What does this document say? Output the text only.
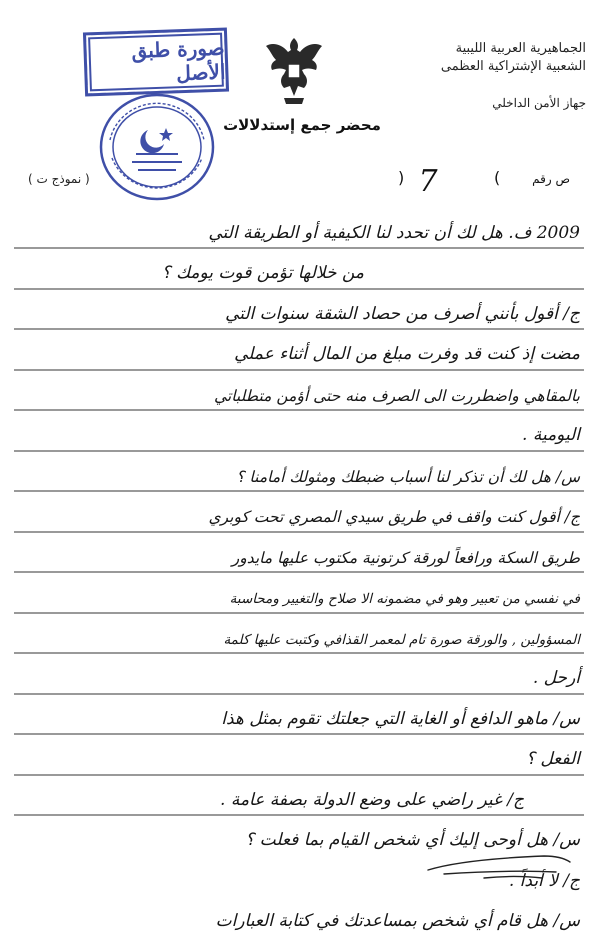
الجماهيرية العربية الليبية
الشعبية الإشتراكية العظمى
جهاز الأمن الداخلي
صورة طبق الأصل
محضر جمع إستدلالات
ص رقم
(
7
)
( نموذج ت )
2009 ف. هل لك أن تحدد لنا الكيفية أو الطريقة التي
من خلالها تؤمن قوت يومك ؟
ج/ أقول بأنني أصرف من حصاد الشقة سنوات التي
مضت إذ كنت قد وفرت مبلغ من المال أثناء عملي
بالمقاهي واضطررت الى الصرف منه حتى أؤمن متطلباتي
اليومية .
س/ هل لك أن تذكر لنا أسباب ضبطك ومثولك أمامنا ؟
ج/ أقول كنت واقف في طريق سيدي المصري تحت كوبري
طريق السكة ورافعاً لورقة كرتونية مكتوب عليها مايدور
في نفسي من تعبير وهو في مضمونه الا صلاح والتغيير ومحاسبة
المسؤولين , والورقة صورة تام لمعمر القذافي وكتبت عليها كلمة
أرحل .
س/ ماهو الدافع أو الغاية التي جعلتك تقوم بمثل هذا
الفعل ؟
ج/ غير راضي على وضع الدولة بصفة عامة .
س/ هل أوحى إليك أي شخص القيام بما فعلت ؟
ج/ لا أبداً .
س/ هل قام أي شخص بمساعدتك في كتابة العبارات
